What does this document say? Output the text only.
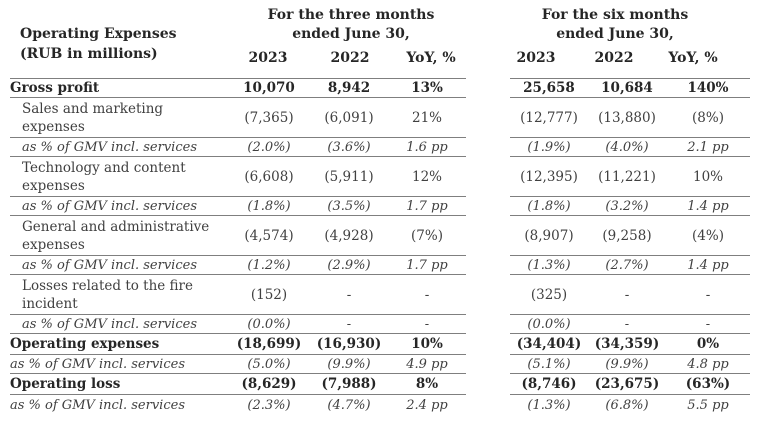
Operating Expenses
(RUB in millions)
For the three months
ended June 30,
For the six months
ended June 30,
2023	2022	YoY, %	2023	2022	YoY, %
Gross profit	10,070	8,942	13%		25,658	10,684	140%
Sales and marketing expenses	(7,365)	(6,091)	21%		(12,777)	(13,880)	(8%)
as % of GMV incl. services	(2.0%)	(3.6%)	1.6 pp		(1.9%)	(4.0%)	2.1 pp
Technology and content expenses	(6,608)	(5,911)	12%		(12,395)	(11,221)	10%
as % of GMV incl. services	(1.8%)	(3.5%)	1.7 pp		(1.8%)	(3.2%)	1.4 pp
General and administrative expenses	(4,574)	(4,928)	(7%)		(8,907)	(9,258)	(4%)
as % of GMV incl. services	(1.2%)	(2.9%)	1.7 pp		(1.3%)	(2.7%)	1.4 pp
Losses related to the fire incident	(152)	-	-		(325)	-	-
as % of GMV incl. services	(0.0%)	-	-		(0.0%)	-	-
Operating expenses	(18,699)	(16,930)	10%		(34,404)	(34,359)	0%
as % of GMV incl. services	(5.0%)	(9.9%)	4.9 pp		(5.1%)	(9.9%)	4.8 pp
Operating loss	(8,629)	(7,988)	8%		(8,746)	(23,675)	(63%)
as % of GMV incl. services	(2.3%)	(4.7%)	2.4 pp		(1.3%)	(6.8%)	5.5 pp
